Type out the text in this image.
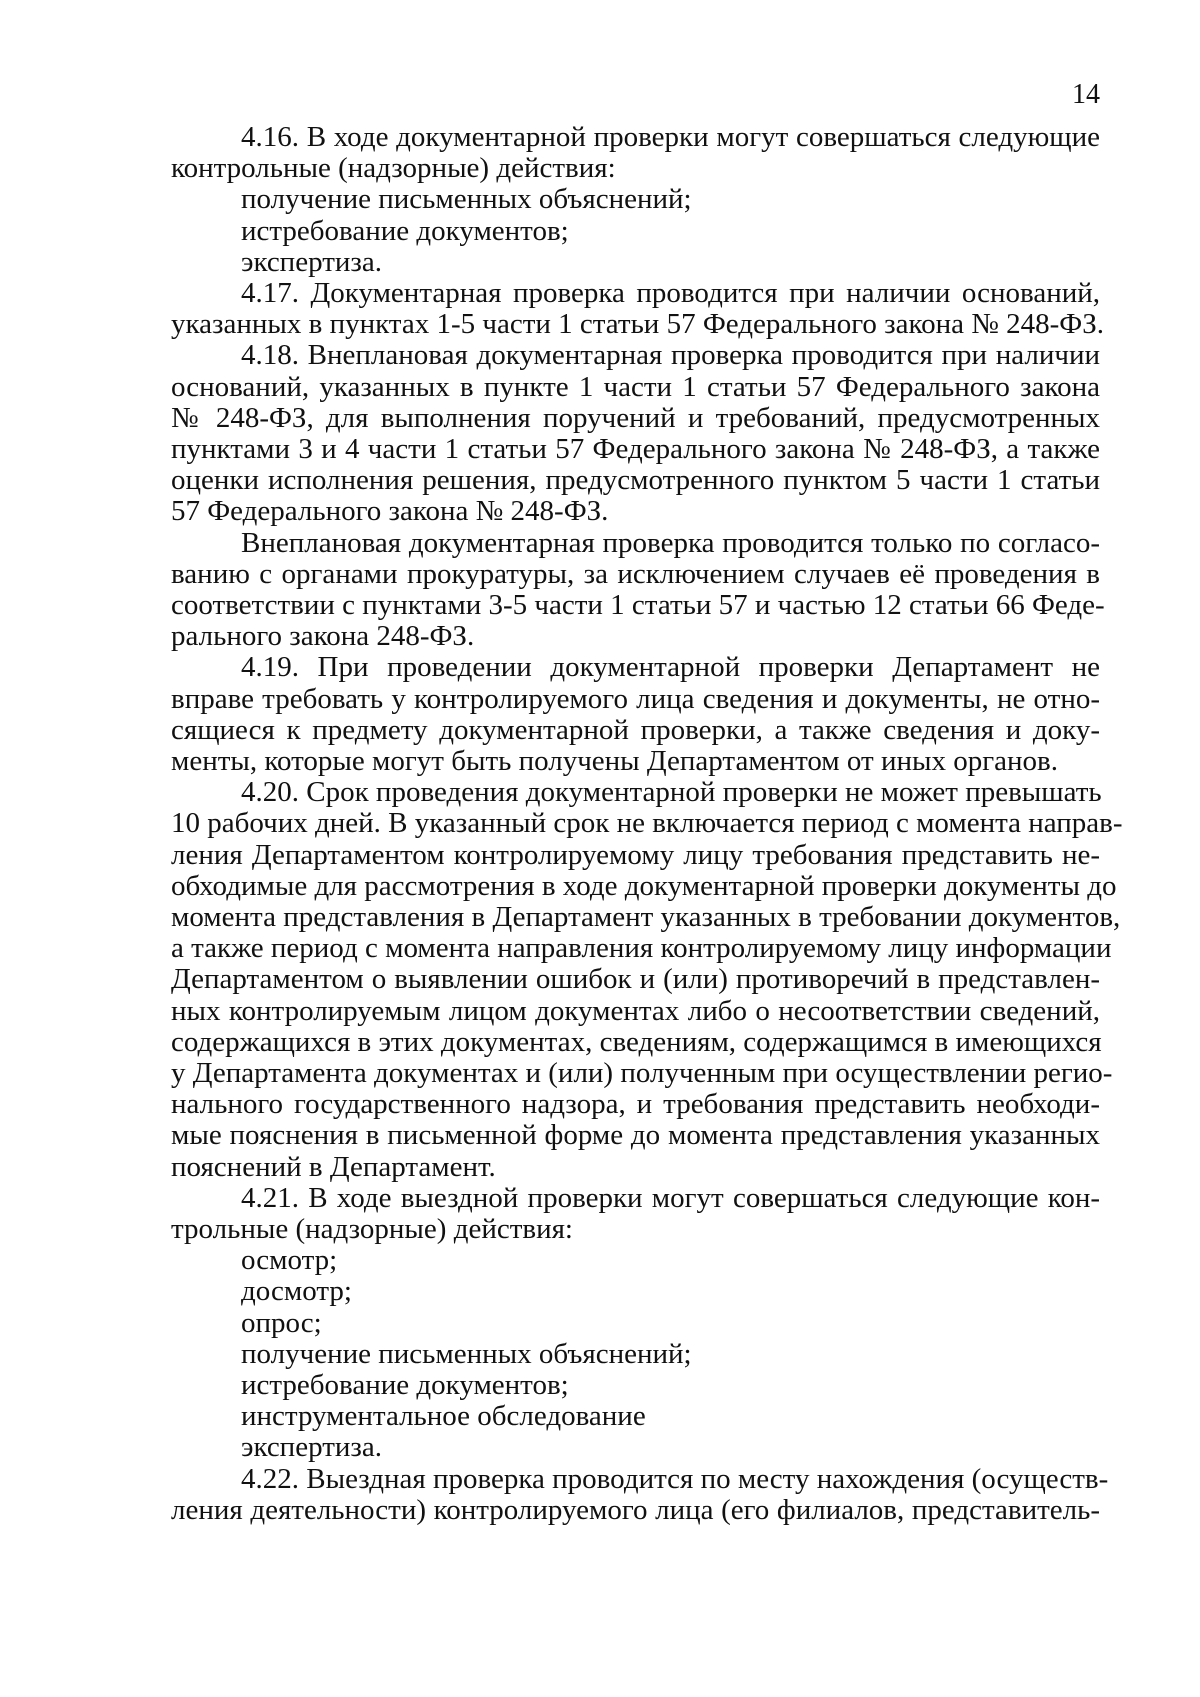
14
4.16. В ходе документарной проверки могут совершаться следующие
контрольные (надзорные) действия:
получение письменных объяснений;
истребование документов;
экспертиза.
4.17. Документарная проверка проводится при наличии оснований,
указанных в пунктах 1-5 части 1 статьи 57 Федерального закона № 248-ФЗ.
4.18. Внеплановая документарная проверка проводится при наличии
оснований, указанных в пункте 1 части 1 статьи 57 Федерального закона
№ 248-ФЗ, для выполнения поручений и требований, предусмотренных
пунктами 3 и 4 части 1 статьи 57 Федерального закона № 248-ФЗ, а также
оценки исполнения решения, предусмотренного пунктом 5 части 1 статьи
57 Федерального закона № 248-ФЗ.
Внеплановая документарная проверка проводится только по согласо-
ванию с органами прокуратуры, за исключением случаев её проведения в
соответствии с пунктами 3-5 части 1 статьи 57 и частью 12 статьи 66 Феде-
рального закона 248-ФЗ.
4.19. При проведении документарной проверки Департамент не
вправе требовать у контролируемого лица сведения и документы, не отно-
сящиеся к предмету документарной проверки, а также сведения и доку-
менты, которые могут быть получены Департаментом от иных органов.
4.20. Срок проведения документарной проверки не может превышать
10 рабочих дней. В указанный срок не включается период с момента направ-
ления Департаментом контролируемому лицу требования представить не-
обходимые для рассмотрения в ходе документарной проверки документы до
момента представления в Департамент указанных в требовании документов,
а также период с момента направления контролируемому лицу информации
Департаментом о выявлении ошибок и (или) противоречий в представлен-
ных контролируемым лицом документах либо о несоответствии сведений,
содержащихся в этих документах, сведениям, содержащимся в имеющихся
у Департамента документах и (или) полученным при осуществлении регио-
нального государственного надзора, и требования представить необходи-
мые пояснения в письменной форме до момента представления указанных
пояснений в Департамент.
4.21. В ходе выездной проверки могут совершаться следующие кон-
трольные (надзорные) действия:
осмотр;
досмотр;
опрос;
получение письменных объяснений;
истребование документов;
инструментальное обследование
экспертиза.
4.22. Выездная проверка проводится по месту нахождения (осуществ-
ления деятельности) контролируемого лица (его филиалов, представитель-
